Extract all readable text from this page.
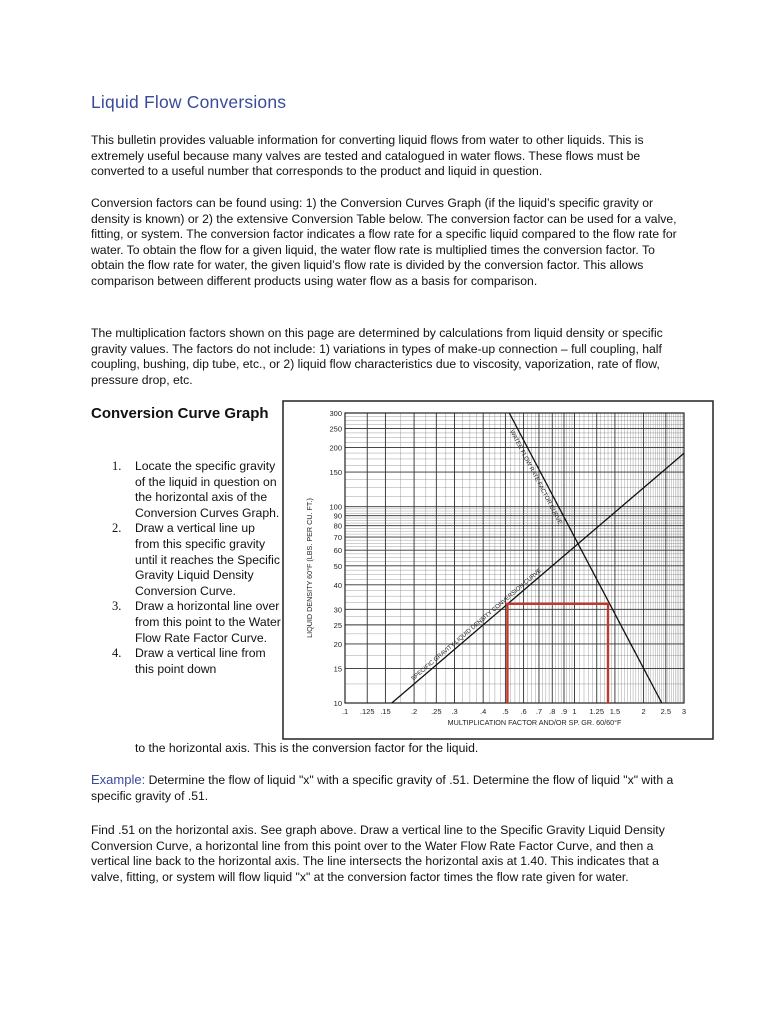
Liquid Flow Conversions

This bulletin provides valuable information for converting liquid flows from water to other liquids. This is extremely useful because many valves are tested and catalogued in water flows. These flows must be converted to a useful number that corresponds to the product and liquid in question.

Conversion factors can be found using: 1) the Conversion Curves Graph (if the liquid’s specific gravity or density is known) or 2) the extensive Conversion Table below. The conversion factor can be used for a valve, fitting, or system. The conversion factor indicates a flow rate for a specific liquid compared to the flow rate for water. To obtain the flow for a given liquid, the water flow rate is multiplied times the conversion factor. To obtain the flow rate for water, the given liquid’s flow rate is divided by the conversion factor. This allows comparison between different products using water flow as a basis for comparison.

The multiplication factors shown on this page are determined by calculations from liquid density or specific gravity values. The factors do not include: 1) variations in types of make-up connection – full coupling, half coupling, bushing, dip tube, etc., or 2) liquid flow characteristics due to viscosity, vaporization, rate of flow, pressure drop, etc.

Conversion Curve Graph
1. Locate the specific gravity of the liquid in question on the horizontal axis of the Conversion Curves Graph.
2. Draw a vertical line up from this specific gravity until it reaches the Specific Gravity Liquid Density Conversion Curve.
3. Draw a horizontal line over from this point to the Water Flow Rate Factor Curve.
4. Draw a vertical line from this point down

to the horizontal axis. This is the conversion factor for the liquid.

.1 .125 .15	.2 .25 .3	.4 .5 .6 .7 .8 .9 1 1.25 1.5	2 2.5 3
10
15
20
25
30
40
50
60
70
80
90
100
150
200
250
300
SPECIFIC GRAVITY-LIQUID DENSITY CONVERSION CURVE
WATER FLOW RATE FACTOR CURVE
MULTIPLICATION FACTOR AND/OR SP. GR. 60/60°F
LIQUID DENSITY 60°F (LBS. PER CU. FT.)

Example: Determine the flow of liquid "x" with a specific gravity of .51. Determine the flow of liquid "x" with a specific gravity of .51.

Find .51 on the horizontal axis. See graph above. Draw a vertical line to the Specific Gravity Liquid Density Conversion Curve, a horizontal line from this point over to the Water Flow Rate Factor Curve, and then a vertical line back to the horizontal axis. The line intersects the horizontal axis at 1.40. This indicates that a valve, fitting, or system will flow liquid "x" at the conversion factor times the flow rate given for water.
